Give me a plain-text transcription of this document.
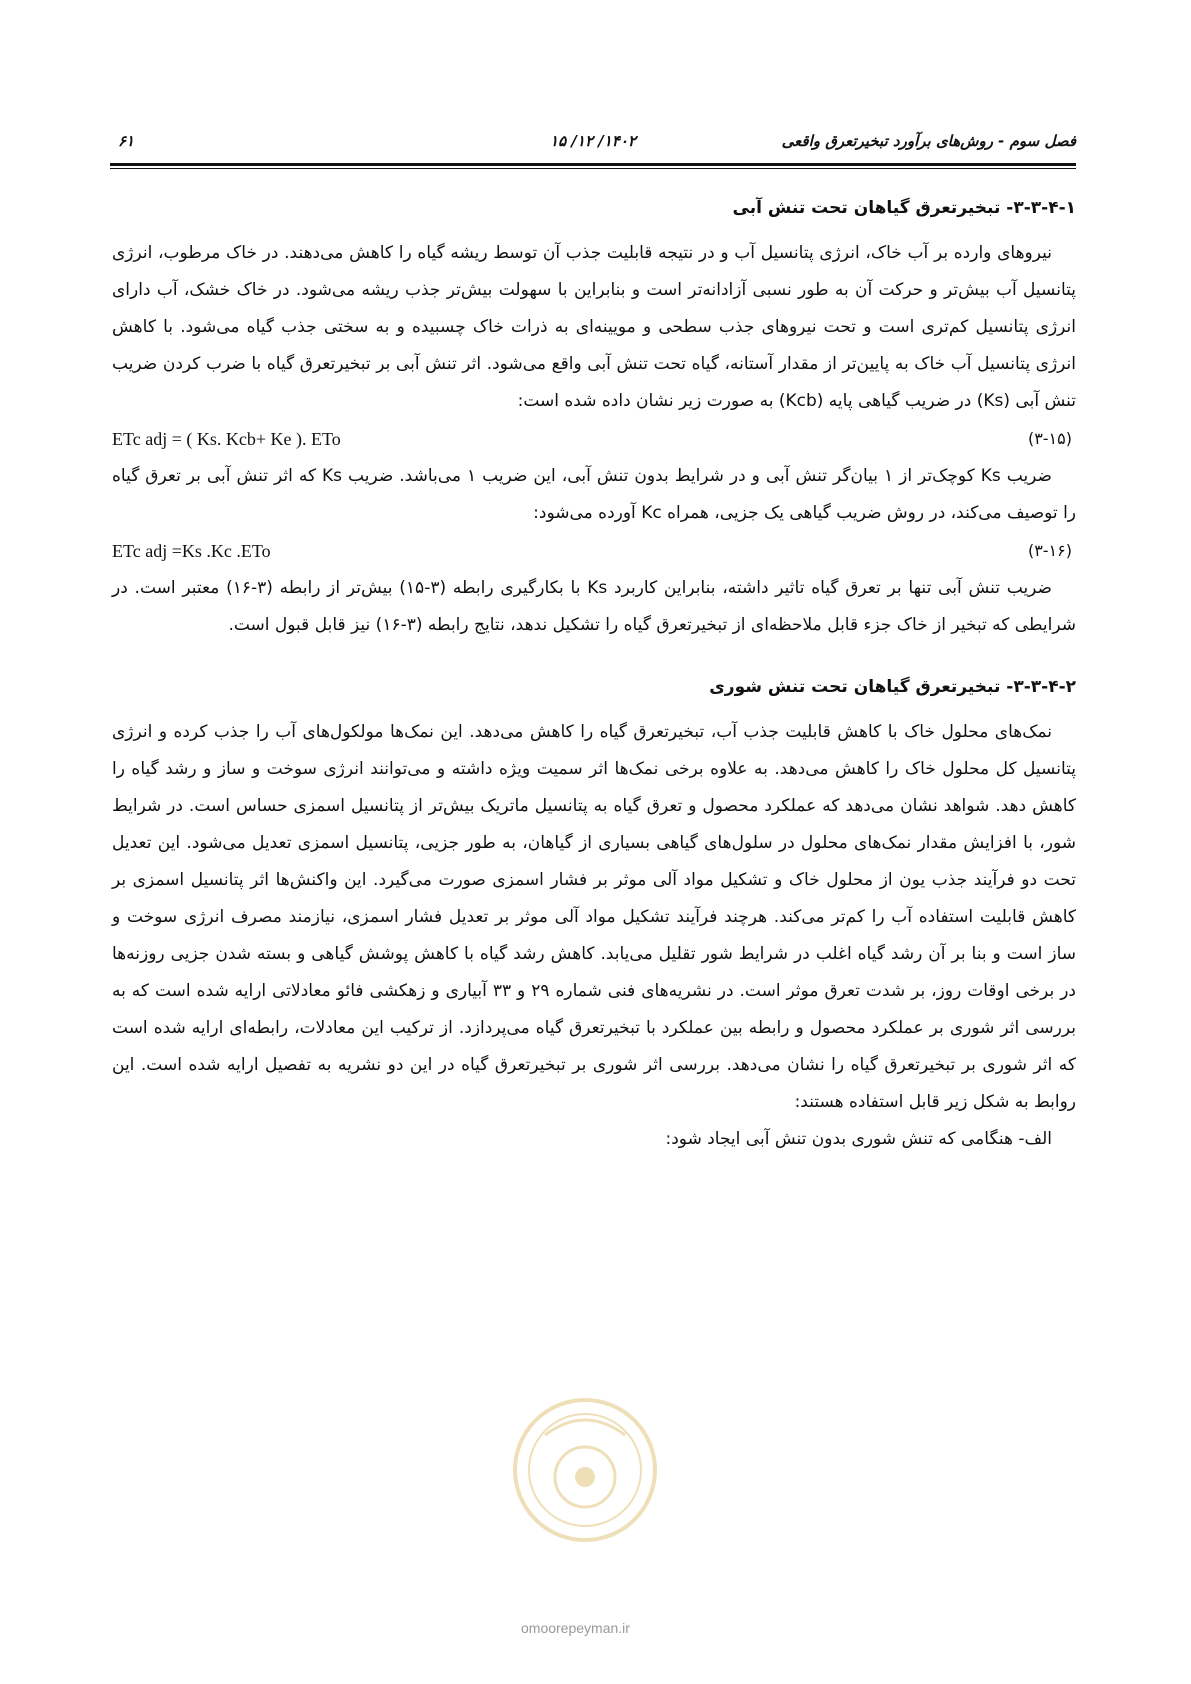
فصل سوم - روش‌های برآورد تبخیرتعرق واقعی
۱۴۰۲/ ۱۲/ ۱۵
۶۱
۳-۳-۴-۱- تبخیرتعرق گیاهان تحت تنش آبی

نیروهای وارده بر آب خاک، انرژی پتانسیل آب و در نتیجه قابلیت جذب آن توسط ریشه گیاه را کاهش می‌دهند. در خاک مرطوب، انرژی پتانسیل آب بیش‌تر و حرکت آن به طور نسبی آزادانه‌تر است و بنابراین با سهولت بیش‌تر جذب ریشه می‌شود. در خاک خشک، آب دارای انرژی پتانسیل کم‌تری است و تحت نیروهای جذب سطحی و مویینه‌ای به ذرات خاک چسبیده و به سختی جذب گیاه می‌شود. با کاهش انرژی پتانسیل آب خاک به پایین‌تر از مقدار آستانه، گیاه تحت تنش آبی واقع می‌شود. اثر تنش آبی بر تبخیرتعرق گیاه با ضرب کردن ضریب تنش آبی (Ks) در ضریب گیاهی پایه (Kcb) به صورت زیر نشان داده شده است:

ETc adj = ( Ks. Kcb+ Ke ). ETo	(۳-۱۵)

ضریب Ks کوچک‌تر از ۱ بیان‌گر تنش آبی و در شرایط بدون تنش آبی، این ضریب ۱ می‌باشد. ضریب Ks که اثر تنش آبی بر تعرق گیاه را توصیف می‌کند، در روش ضریب گیاهی یک جزیی، همراه Kc آورده می‌شود:

ETc adj =Ks .Kc .ETo	(۳-۱۶)

ضریب تنش آبی تنها بر تعرق گیاه تاثیر داشته، بنابراین کاربرد Ks با بکارگیری رابطه (۳-۱۵) بیش‌تر از رابطه (۳-۱۶) معتبر است. در شرایطی که تبخیر از خاک جزء قابل ملاحظه‌ای از تبخیرتعرق گیاه را تشکیل ندهد، نتایج رابطه (۳-۱۶) نیز قابل قبول است.

۳-۳-۴-۲- تبخیرتعرق گیاهان تحت تنش شوری

نمک‌های محلول خاک با کاهش قابلیت جذب آب، تبخیرتعرق گیاه را کاهش می‌دهد. این نمک‌ها مولکول‌های آب را جذب کرده و انرژی پتانسیل کل محلول خاک را کاهش می‌دهد. به علاوه برخی نمک‌ها اثر سمیت ویژه داشته و می‌توانند انرژی سوخت و ساز و رشد گیاه را کاهش دهد. شواهد نشان می‌دهد که عملکرد محصول و تعرق گیاه به پتانسیل ماتریک بیش‌تر از پتانسیل اسمزی حساس است. در شرایط شور، با افزایش مقدار نمک‌های محلول در سلول‌های گیاهی بسیاری از گیاهان، به طور جزیی، پتانسیل اسمزی تعدیل می‌شود. این تعدیل تحت دو فرآیند جذب یون از محلول خاک و تشکیل مواد آلی موثر بر فشار اسمزی صورت می‌گیرد. این واکنش‌ها اثر پتانسیل اسمزی بر کاهش قابلیت استفاده آب را کم‌تر می‌کند. هرچند فرآیند تشکیل مواد آلی موثر بر تعدیل فشار اسمزی، نیازمند مصرف انرژی سوخت و ساز است و بنا بر آن رشد گیاه اغلب در شرایط شور تقلیل می‌یابد. کاهش رشد گیاه با کاهش پوشش گیاهی و بسته شدن جزیی روزنه‌ها در برخی اوقات روز، بر شدت تعرق موثر است. در نشریه‌های فنی شماره ۲۹ و ۳۳ آبیاری و زهکشی فائو معادلاتی ارایه شده است که به بررسی اثر شوری بر عملکرد محصول و رابطه بین عملکرد با تبخیرتعرق گیاه می‌پردازد. از ترکیب این معادلات، رابطه‌ای ارایه شده است که اثر شوری بر تبخیرتعرق گیاه را نشان می‌دهد. بررسی اثر شوری بر تبخیرتعرق گیاه در این دو نشریه به تفصیل ارایه شده است. این روابط به شکل زیر قابل استفاده هستند:

الف- هنگامی که تنش شوری بدون تنش آبی ایجاد شود:

omoorepeyman.ir
